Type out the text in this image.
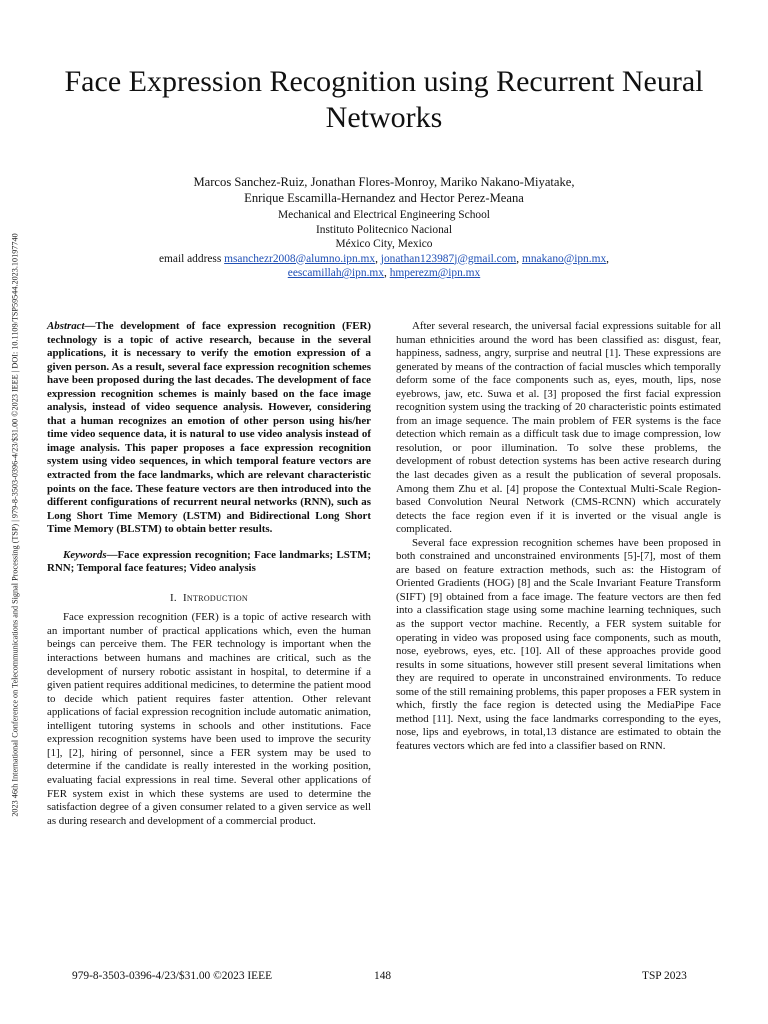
2023 46th International Conference on Telecommunications and Signal Processing (TSP) | 979-8-3503-0396-4/23/$31.00 ©2023 IEEE | DOI: 10.1109/TSP59544.2023.10197740
Face Expression Recognition using Recurrent Neural Networks
Marcos Sanchez-Ruiz, Jonathan Flores-Monroy, Mariko Nakano-Miyatake,
Enrique Escamilla-Hernandez and Hector Perez-Meana
Mechanical and Electrical Engineering School
Instituto Politecnico Nacional
México City, Mexico
email address msanchezr2008@alumno.ipn.mx, jonathan123987j@gmail.com, mnakano@ipn.mx,
eescamillah@ipn.mx, hmperezm@ipn.mx

Abstract—The development of face expression recognition (FER) technology is a topic of active research, because in the several applications, it is necessary to verify the emotion expression of a given person. As a result, several face expression recognition schemes have been proposed during the last decades. The development of face expression recognition schemes is mainly based on the face image analysis, instead of video sequence analysis. However, considering that a human recognizes an emotion of other person using his/her time video sequence data, it is natural to use video analysis instead of image analysis. This paper proposes a face expression recognition system using video sequences, in which temporal feature vectors are extracted from the face landmarks, which are relevant characteristic points on the face. These feature vectors are then introduced into the different configurations of recurrent neural networks (RNN), such as Long Short Time Memory (LSTM) and Bidirectional Long Short Time Memory (BLSTM) to obtain better results.

Keywords—Face expression recognition; Face landmarks; LSTM; RNN; Temporal face features; Video analysis

I. Introduction

Face expression recognition (FER) is a topic of active research with an important number of practical applications which, even the human beings can perceive them. The FER technology is important when the interactions between humans and machines are critical, such as the development of nursery robotic assistant in hospital, to determine if a given patient requires additional medicines, to determine the patient mood to decide which patient requires faster attention. Other relevant applications of facial expression recognition include automatic animation, intelligent tutoring systems in schools and other institutions. Face expression recognition systems have been used to improve the security [1], [2], hiring of personnel, since a FER system may be used to determine if the candidate is really interested in the working position, evaluating facial expressions in real time. Several other applications of FER system exist in which these systems are used to determine the satisfaction degree of a given consumer related to a given service as well as during research and development of a commercial product.

After several research, the universal facial expressions suitable for all human ethnicities around the word has been classified as: disgust, fear, happiness, sadness, angry, surprise and neutral [1]. These expressions are generated by means of the contraction of facial muscles which temporally deform some of the face components such as, eyes, mouth, lips, nose eyebrows, jaw, etc. Suwa et al. [3] proposed the first facial expression recognition system using the tracking of 20 characteristic points estimated from an image sequence. The main problem of FER systems is the face detection which remain as a difficult task due to image compression, low resolution, or poor illumination. To solve these problems, the development of robust detection systems has been active research during the last decades given as a result the publication of several proposals. Among them Zhu et al. [4] propose the Contextual Multi-Scale Region-based Convolution Neural Network (CMS-RCNN) which accurately detects the face region even if it is inverted or the visual angle is complicated.

Several face expression recognition schemes have been proposed in both constrained and unconstrained environments [5]-[7], most of them are based on feature extraction methods, such as: the Histogram of Oriented Gradients (HOG) [8] and the Scale Invariant Feature Transform (SIFT) [9] obtained from a face image. The feature vectors are then fed into a classification stage using some machine learning techniques, such as the support vector machine. Recently, a FER system suitable for operating in video was proposed using face components, such as mouth, nose, eyebrows, eyes, etc. [10]. All of these approaches provide good results in some situations, however still present several limitations when they are required to operate in unconstrained environments. To reduce some of the still remaining problems, this paper proposes a FER system in which, firstly the face region is detected using the MediaPipe Face method [11]. Next, using the face landmarks corresponding to the eyes, nose, lips and eyebrows, in total,13 distance are estimated to obtain the features vectors which are fed into a classifier based on RNN.

979-8-3503-0396-4/23/$31.00 ©2023 IEEE	148	TSP 2023
